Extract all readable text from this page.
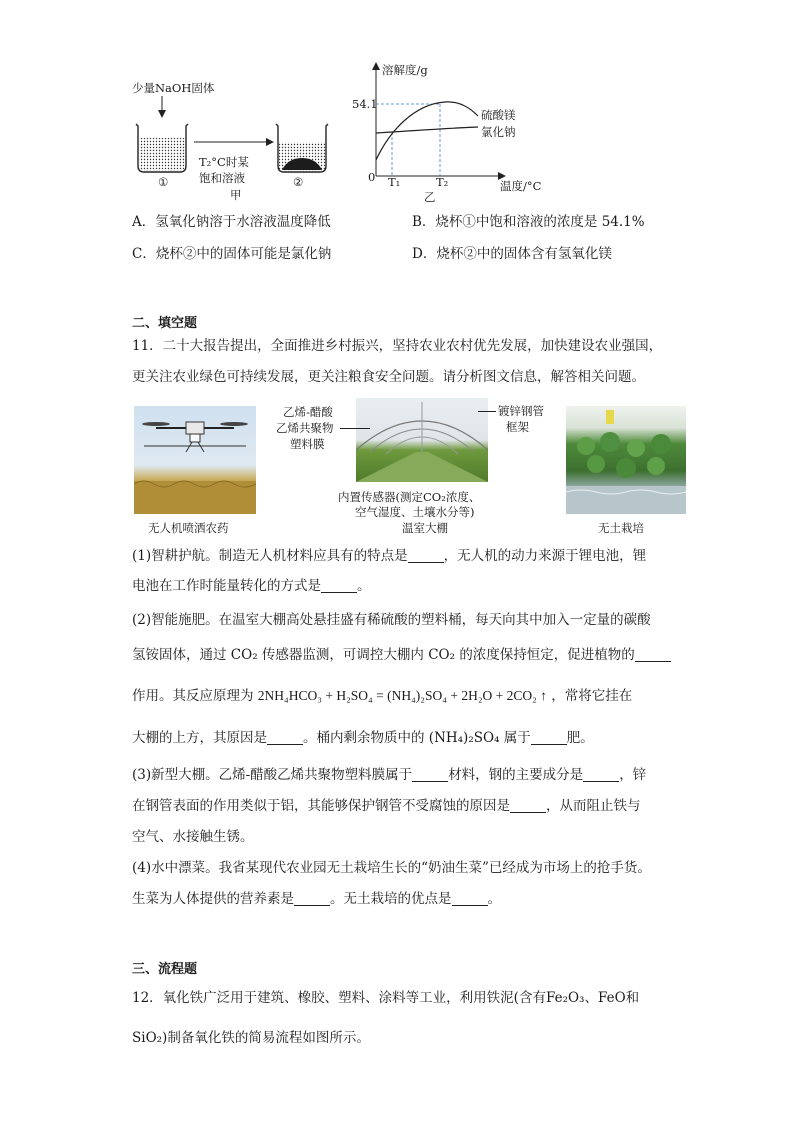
少量NaOH固体
T₂°C时某
饱和溶液
甲
①	②
溶解度/g
54.1
0 T₁	T₂
乙
温度/°C
硫酸镁
氯化钠
A．氢氧化钠溶于水溶液温度降低	B．烧杯①中饱和溶液的浓度是 54.1%
C．烧杯②中的固体可能是氯化钠	D．烧杯②中的固体含有氢氧化镁
二、填空题
11．二十大报告提出，全面推进乡村振兴，坚持农业农村优先发展，加快建设农业强国，
更关注农业绿色可持续发展，更关注粮食安全问题。请分析图文信息，解答相关问题。
无人机喷洒农药
乙烯-醋酸
乙烯共聚物
塑料膜
镀锌钢管
框架
内置传感器(测定CO₂浓度、
空气湿度、土壤水分等)
温室大棚	无土栽培
(1)智耕护航。制造无人机材料应具有的特点是	，无人机的动力来源于锂电池，锂
电池在工作时能量转化的方式是	。
(2)智能施肥。在温室大棚高处悬挂盛有稀硫酸的塑料桶，每天向其中加入一定量的碳酸
氢铵固体，通过 CO₂ 传感器监测，可调控大棚内 CO₂ 的浓度保持恒定，促进植物的
作用。其反应原理为 2NH₄HCO₃ + H₂SO₄ = (NH₄)₂SO₄ + 2H₂O + 2CO₂ ↑ ，常将它挂在
大棚的上方，其原因是	。桶内剩余物质中的 (NH₄)₂SO₄ 属于	肥。
(3)新型大棚。乙烯-醋酸乙烯共聚物塑料膜属于	材料，钢的主要成分是	，锌
在钢管表面的作用类似于铝，其能够保护钢管不受腐蚀的原因是	，从而阻止铁与
空气、水接触生锈。
(4)水中漂菜。我省某现代农业园无土栽培生长的“奶油生菜”已经成为市场上的抢手货。
生菜为人体提供的营养素是	。无土栽培的优点是	。
三、流程题
12．氧化铁广泛用于建筑、橡胶、塑料、涂料等工业，利用铁泥(含有Fe₂O₃、FeO和
SiO₂)制备氧化铁的简易流程如图所示。
